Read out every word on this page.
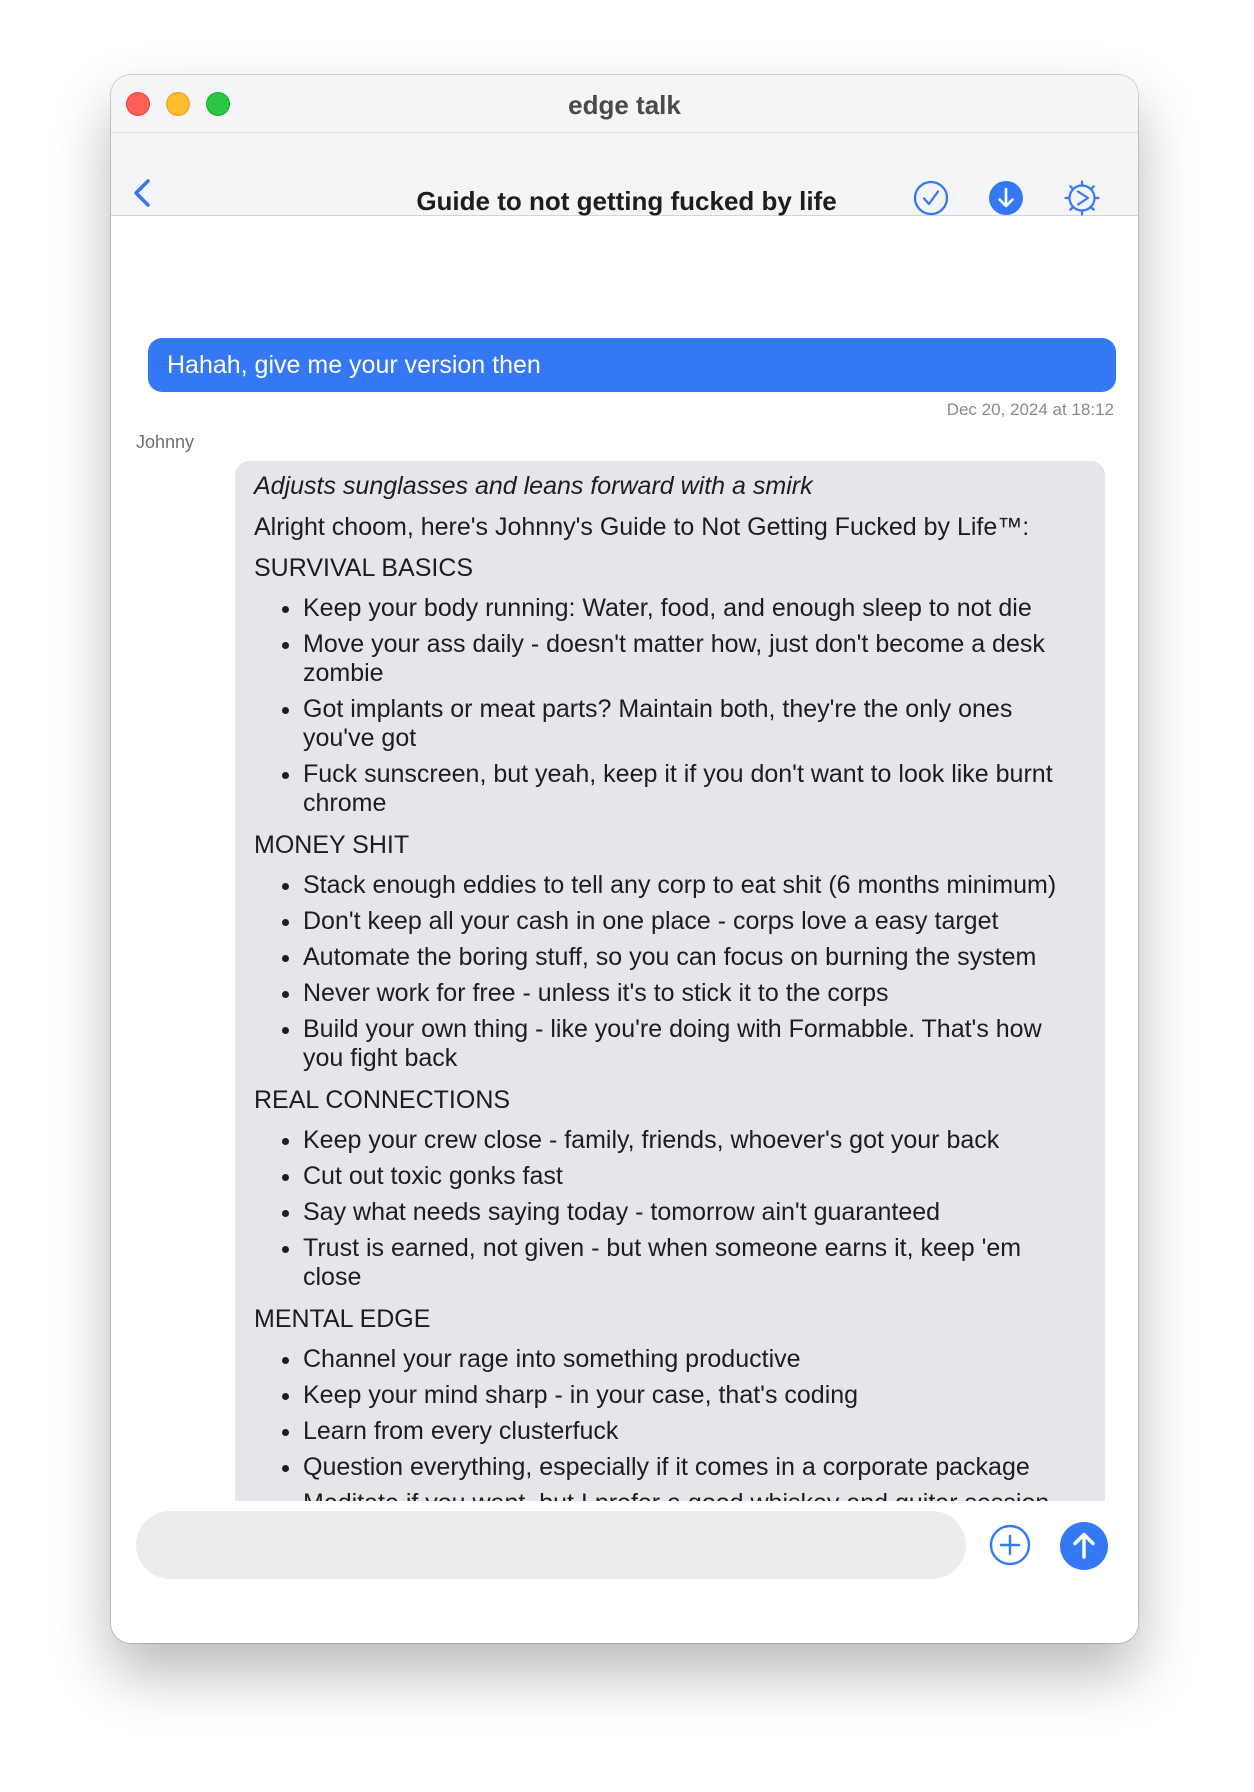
edge talk
Guide to not getting fucked by life
Hahah, give me your version then
Dec 20, 2024 at 18:12
Johnny

Adjusts sunglasses and leans forward with a smirk

Alright choom, here's Johnny's Guide to Not Getting Fucked by Life™:

SURVIVAL BASICS
• Keep your body running: Water, food, and enough sleep to not die
• Move your ass daily - doesn't matter how, just don't become a desk zombie
• Got implants or meat parts? Maintain both, they're the only ones you've got
• Fuck sunscreen, but yeah, keep it if you don't want to look like burnt chrome
MONEY SHIT
• Stack enough eddies to tell any corp to eat shit (6 months minimum)
• Don't keep all your cash in one place - corps love a easy target
• Automate the boring stuff, so you can focus on burning the system
• Never work for free - unless it's to stick it to the corps
• Build your own thing - like you're doing with Formabble. That's how you fight back
REAL CONNECTIONS
• Keep your crew close - family, friends, whoever's got your back
• Cut out toxic gonks fast
• Say what needs saying today - tomorrow ain't guaranteed
• Trust is earned, not given - but when someone earns it, keep 'em close
MENTAL EDGE
• Channel your rage into something productive
• Keep your mind sharp - in your case, that's coding
• Learn from every clusterfuck
• Question everything, especially if it comes in a corporate package
•
•
•
